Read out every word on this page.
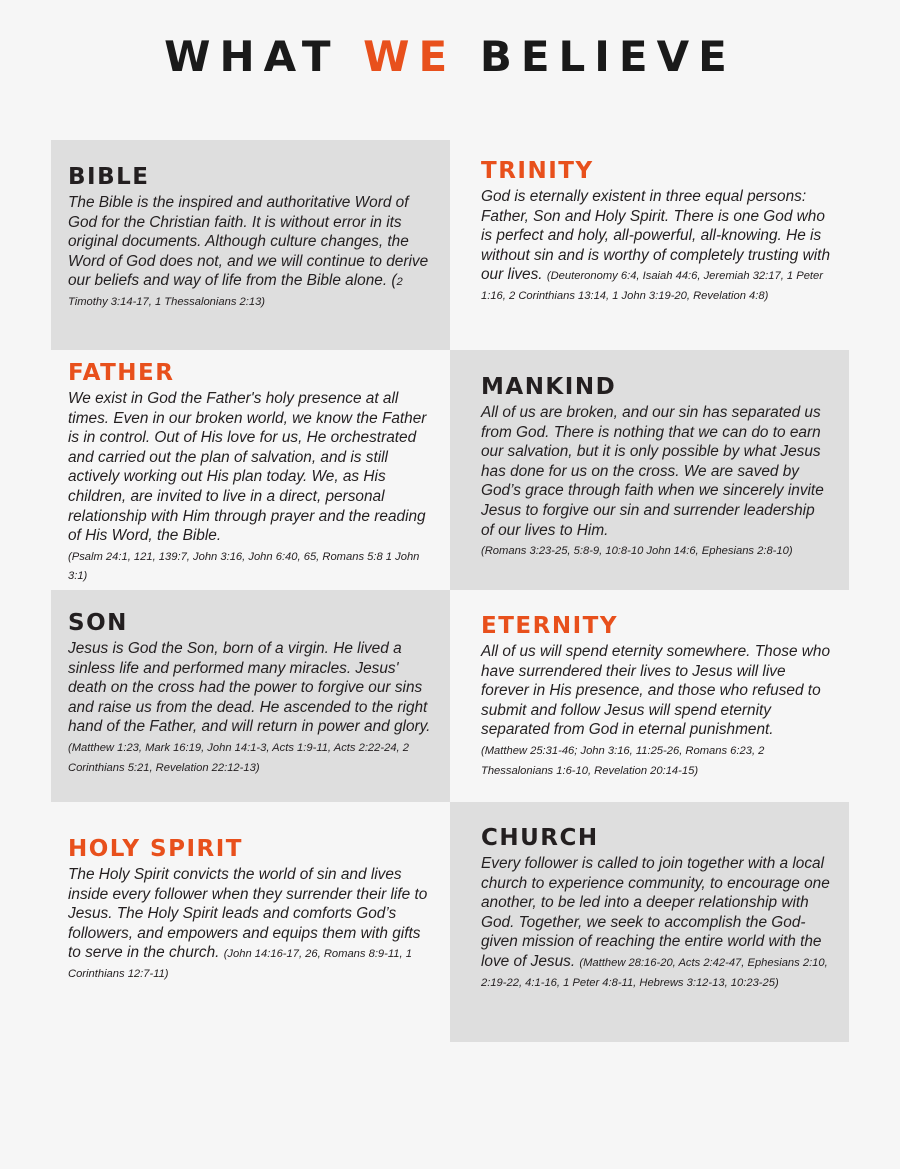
WHAT WE BELIEVE
BIBLE

The Bible is the inspired and authoritative Word of God for the Christian faith. It is without error in its original documents. Although culture changes, the Word of God does not, and we will continue to derive our beliefs and way of life from the Bible alone. (2 Timothy 3:14-17, 1 Thessalonians 2:13)

TRINITY

God is eternally existent in three equal persons: Father, Son and Holy Spirit. There is one God who is perfect and holy, all-powerful, all-knowing. He is without sin and is worthy of completely trusting with our lives. (Deuteronomy 6:4, Isaiah 44:6, Jeremiah 32:17, 1 Peter 1:16, 2 Corinthians 13:14, 1 John 3:19-20, Revelation 4:8)

FATHER

We exist in God the Father's holy presence at all times. Even in our broken world, we know the Father is in control. Out of His love for us, He orchestrated and carried out the plan of salvation, and is still actively working out His plan today. We, as His children, are invited to live in a direct, personal relationship with Him through prayer and the reading of His Word, the Bible.
(Psalm 24:1, 121, 139:7, John 3:16, John 6:40, 65, Romans 5:8 1 John 3:1)

MANKIND

All of us are broken, and our sin has separated us from God. There is nothing that we can do to earn our salvation, but it is only possible by what Jesus has done for us on the cross. We are saved by God’s grace through faith when we sincerely invite Jesus to forgive our sin and surrender leadership of our lives to Him.
(Romans 3:23-25, 5:8-9, 10:8-10 John 14:6, Ephesians 2:8-10)

SON

Jesus is God the Son, born of a virgin. He lived a sinless life and performed many miracles. Jesus' death on the cross had the power to forgive our sins and raise us from the dead. He ascended to the right hand of the Father, and will return in power and glory. (Matthew 1:23, Mark 16:19, John 14:1-3, Acts 1:9-11, Acts 2:22-24, 2 Corinthians 5:21, Revelation 22:12-13)

ETERNITY

All of us will spend eternity somewhere. Those who have surrendered their lives to Jesus will live forever in His presence, and those who refused to submit and follow Jesus will spend eternity separated from God in eternal punishment.
(Matthew 25:31-46; John 3:16, 11:25-26, Romans 6:23, 2 Thessalonians 1:6-10, Revelation 20:14-15)

HOLY SPIRIT

The Holy Spirit convicts the world of sin and lives inside every follower when they surrender their life to Jesus. The Holy Spirit leads and comforts God’s followers, and empowers and equips them with gifts to serve in the church. (John 14:16-17, 26, Romans 8:9-11, 1 Corinthians 12:7-11)

CHURCH

Every follower is called to join together with a local church to experience community, to encourage one another, to be led into a deeper relationship with God. Together, we seek to accomplish the God-given mission of reaching the entire world with the love of Jesus. (Matthew 28:16-20, Acts 2:42-47, Ephesians 2:10, 2:19-22, 4:1-16, 1 Peter 4:8-11, Hebrews 3:12-13, 10:23-25)
